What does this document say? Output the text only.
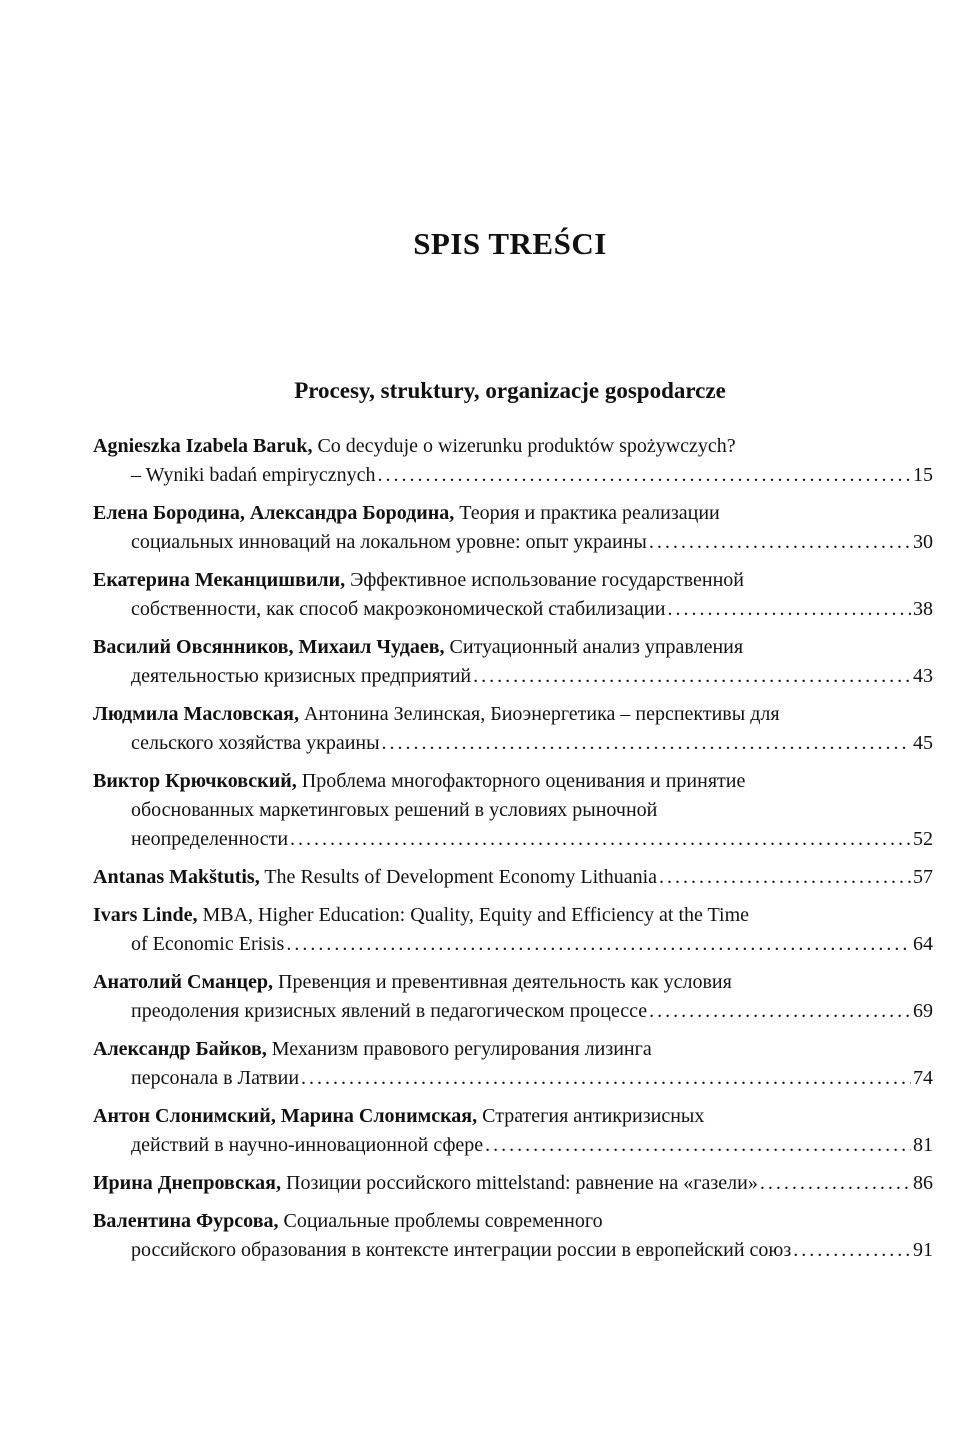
SPIS TREŚCI
Procesy, struktury, organizacje gospodarcze
Agnieszka Izabela Baruk, Co decyduje o wizerunku produktów spożywczych?
– Wyniki badań empirycznych . . .	15
Елена Бородина, Александра Бородина, Теория и практика реализации
социальных инноваций на локальном уровне: опыт украины . . .	30
Екатерина Меканцишвили, Эффективное использование государственной
собственности, как способ макроэкономической стабилизации . . .	38
Василий Овсянников, Михаил Чудаев, Ситуационный анализ управления
деятельностью кризисных предприятий . . .	43
Людмила Масловская, Антонина Зелинская, Биоэнергетика – перспективы для
сельского хозяйства украины . . .	45
Виктор Крючковский, Проблема многофакторного оценивания и принятие
обоснованных маркетинговых решений в условиях рыночной
неопределенности . . .	52
Antanas Makštutis, The Results of Development Economy Lithuania . . .	57
Ivars Linde, MBA, Higher Education: Quality, Equity and Efficiency at the Time
of Economic Erisis . . .	64
Анатолий Сманцер, Превенция и превентивная деятельность как условия
преодоления кризисных явлений в педагогическом процессе . . .	69
Александр Байков, Механизм правового регулирования лизинга
персонала в Латвии . . .	74
Антон Слонимский, Марина Слонимская, Стратегия антикризисных
действий в научно-инновационной сфере . . .	81
Ирина Днепровская, Позиции российского mittelstand: равнение на «газели» . . .	86
Валентина Фурсова, Социальные проблемы современного
российского образования в контексте интеграции россии в европейский союз . . .	91
